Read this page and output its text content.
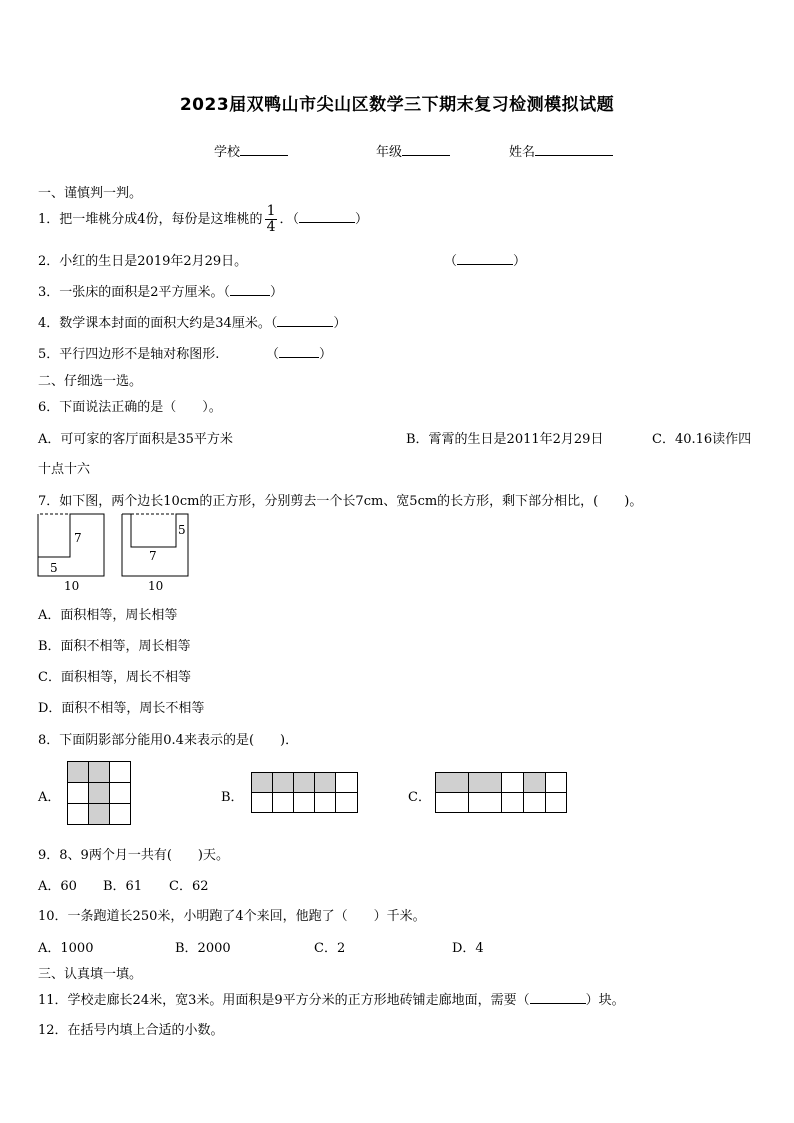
2023届双鸭山市尖山区数学三下期末复习检测模拟试题
学校	年级	姓名
一、谨慎判一判。
1．把一堆桃分成4份，每份是这堆桃的 $\frac{1}{4}$ ．（	）
2．小红的生日是2019年2月29日。	（	）
3．一张床的面积是2平方厘米。（	）
4．数学课本封面的面积大约是34厘米。（	）
5．平行四边形不是轴对称图形.	（	）
二、仔细选一选。
6．下面说法正确的是（　　）。
A．可可家的客厅面积是35平方米	B．霄霄的生日是2011年2月29日	C．40.16读作四
十点十六
7．如下图，两个边长10cm的正方形，分别剪去一个长7cm、宽5cm的长方形，剩下部分相比，(　　)。
7
5
10
5
7
10
A．面积相等，周长相等
B．面积不相等，周长相等
C．面积相等，周长不相等
D．面积不相等，周长不相等
8．下面阴影部分能用0.4来表示的是(　　)．
A．	B．	C．
9．8、9两个月一共有(　　)天。
A．60 B．61 C．62
10．一条跑道长250米，小明跑了4个来回，他跑了（　　）千米。
A．1000	B．2000	C．2	D．4
三、认真填一填。
11．学校走廊长24米，宽3米。用面积是9平方分米的正方形地砖铺走廊地面，需要（	）块。
12．在括号内填上合适的小数。
